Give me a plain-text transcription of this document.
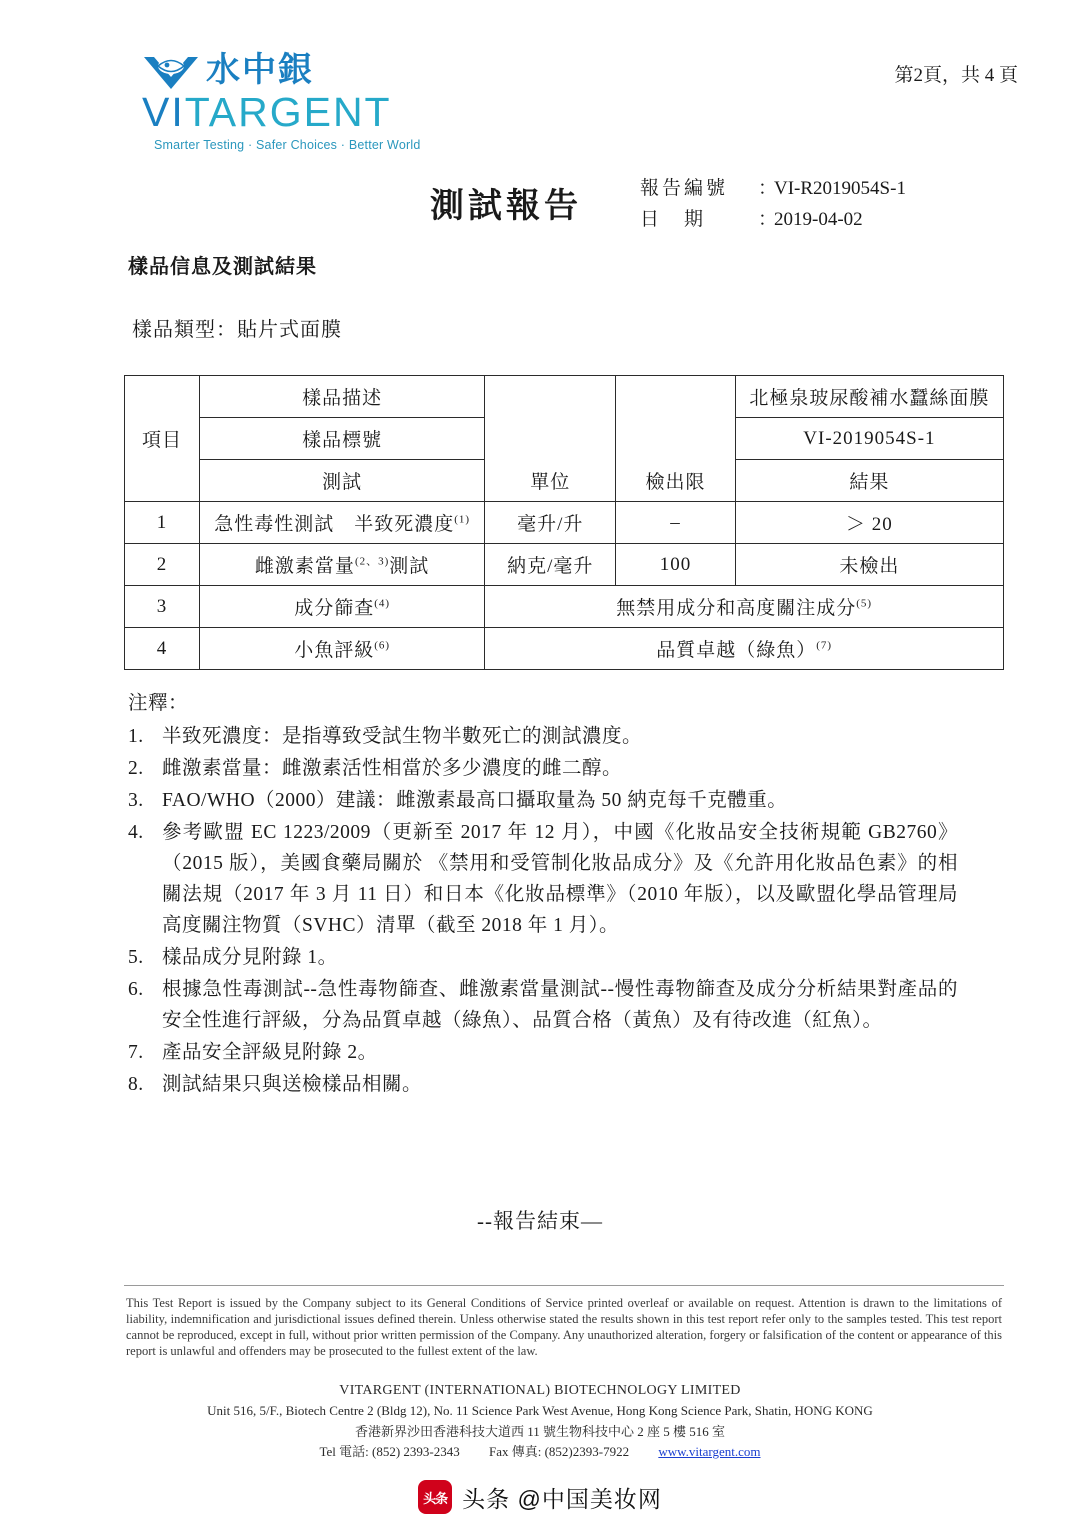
水中銀
VITARGENT
Smarter Testing · Safer Choices · Better World
第2頁，共 4 頁
測試報告	報告編號	：
VI-R2019054S-1
日　期	：
2019-04-02
樣品信息及測試結果
樣品類型：貼片式面膜
項目	樣品描述			北極泉玻尿酸補水蠶絲面膜
	樣品標號			VI-2019054S-1
	測試	單位	檢出限	結果
1	急性毒性測試　半致死濃度$^{(1)}$	毫升/升	–	＞ 20
2	雌激素當量$^{(2、3)}$測試	納克/毫升	100	未檢出
3	成分篩查$^{(4)}$	無禁用成分和高度關注成分$^{(5)}$
4	小魚評級$^{(6)}$	品質卓越（綠魚）$^{(7)}$
注釋：
1. 半致死濃度：是指導致受試生物半數死亡的測試濃度。
2. 雌激素當量：雌激素活性相當於多少濃度的雌二醇。
3. FAO/WHO（2000）建議：雌激素最高口攝取量為 50 納克每千克體重。
4. 參考歐盟 EC 1223/2009（更新至 2017 年 12 月），中國《化妝品安全技術規範 GB2760》（2015 版），美國食藥局關於 《禁用和受管制化妝品成分》及《允許用化妝品色素》的相關法規（2017 年 3 月 11 日）和日本《化妝品標準》（2010 年版），以及歐盟化學品管理局高度關注物質（SVHC）清單（截至 2018 年 1 月）。
5. 樣品成分見附錄 1。
6. 根據急性毒測試--急性毒物篩查、雌激素當量測試--慢性毒物篩查及成分分析結果對產品的安全性進行評級，分為品質卓越（綠魚）、品質合格（黃魚）及有待改進（紅魚）。
7. 產品安全評級見附錄 2。
8. 測試結果只與送檢樣品相關。
--報告結束—
This Test Report is issued by the Company subject to its General Conditions of Service printed overleaf or available on request. Attention is drawn to the limitations of liability, indemnification and jurisdictional issues defined therein. Unless otherwise stated the results shown in this test report refer only to the samples tested. This test report cannot be reproduced, except in full, without prior written permission of the Company. Any unauthorized alteration, forgery or falsification of the content or appearance of this report is unlawful and offenders may be prosecuted to the fullest extent of the law.
VITARGENT (INTERNATIONAL) BIOTECHNOLOGY LIMITED
Unit 516, 5/F., Biotech Centre 2 (Bldg 12), No. 11 Science Park West Avenue, Hong Kong Science Park, Shatin, HONG KONG
香港新界沙田香港科技大道西 11 號生物科技中心 2 座 5 樓 516 室
Tel 電話: (852) 2393-2343 Fax 傳真: (852)2393-7922 www.vitargent.com
头条 头条 @中国美妆网
